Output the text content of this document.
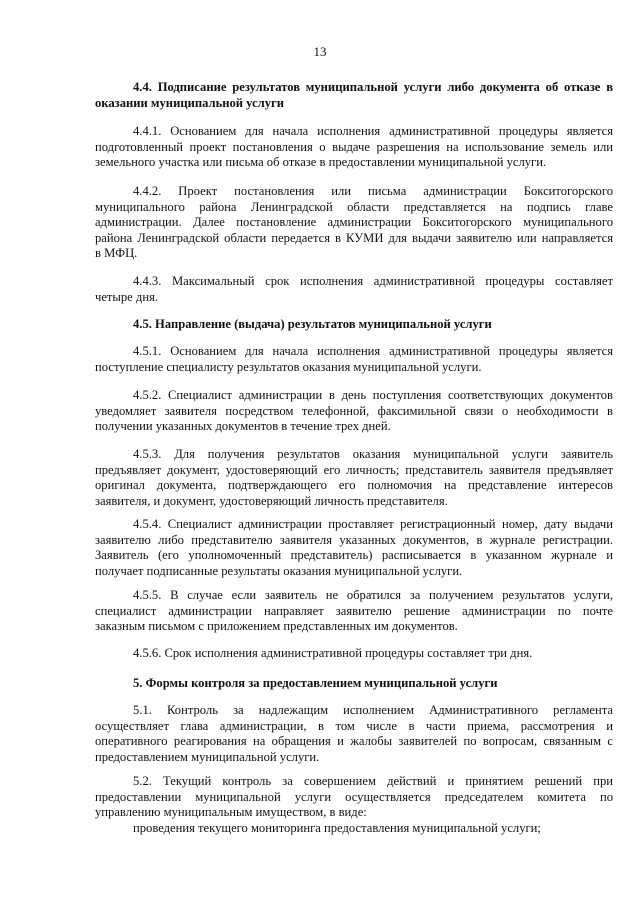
13
4.4. Подписание результатов муниципальной услуги либо документа об отказе в
оказании муниципальной услуги
4.4.1. Основанием для начала исполнения административной процедуры является
подготовленный проект постановления о выдаче разрешения на использование земель или
земельного участка или письма об отказе в предоставлении муниципальной услуги.
4.4.2. Проект постановления или письма администрации Бокситогорского
муниципального района Ленинградской области представляется на подпись главе
администрации. Далее постановление администрации Бокситогорского муниципального
района Ленинградской области передается в КУМИ для выдачи заявителю или направляется
в МФЦ.
4.4.3. Максимальный срок исполнения административной процедуры составляет
четыре дня.
4.5. Направление (выдача) результатов муниципальной услуги
4.5.1. Основанием для начала исполнения административной процедуры является
поступление специалисту результатов оказания муниципальной услуги.
4.5.2. Специалист администрации в день поступления соответствующих документов
уведомляет заявителя посредством телефонной, факсимильной связи о необходимости в
получении указанных документов в течение трех дней.
4.5.3. Для получения результатов оказания муниципальной услуги заявитель
предъявляет документ, удостоверяющий его личность; представитель заявителя предъявляет
оригинал документа, подтверждающего его полномочия на представление интересов
заявителя, и документ, удостоверяющий личность представителя.
4.5.4. Специалист администрации проставляет регистрационный номер, дату выдачи
заявителю либо представителю заявителя указанных документов, в журнале регистрации.
Заявитель (его уполномоченный представитель) расписывается в указанном журнале и
получает подписанные результаты оказания муниципальной услуги.
4.5.5. В случае если заявитель не обратился за получением результатов услуги,
специалист администрации направляет заявителю решение администрации по почте
заказным письмом с приложением представленных им документов.
4.5.6. Срок исполнения административной процедуры составляет три дня.
5. Формы контроля за предоставлением муниципальной услуги
5.1. Контроль за надлежащим исполнением Административного регламента
осуществляет глава администрации, в том числе в части приема, рассмотрения и
оперативного реагирования на обращения и жалобы заявителей по вопросам, связанным с
предоставлением муниципальной услуги.
5.2. Текущий контроль за совершением действий и принятием решений при
предоставлении муниципальной услуги осуществляется председателем комитета по
управлению муниципальным имуществом, в виде:
проведения текущего мониторинга предоставления муниципальной услуги;
